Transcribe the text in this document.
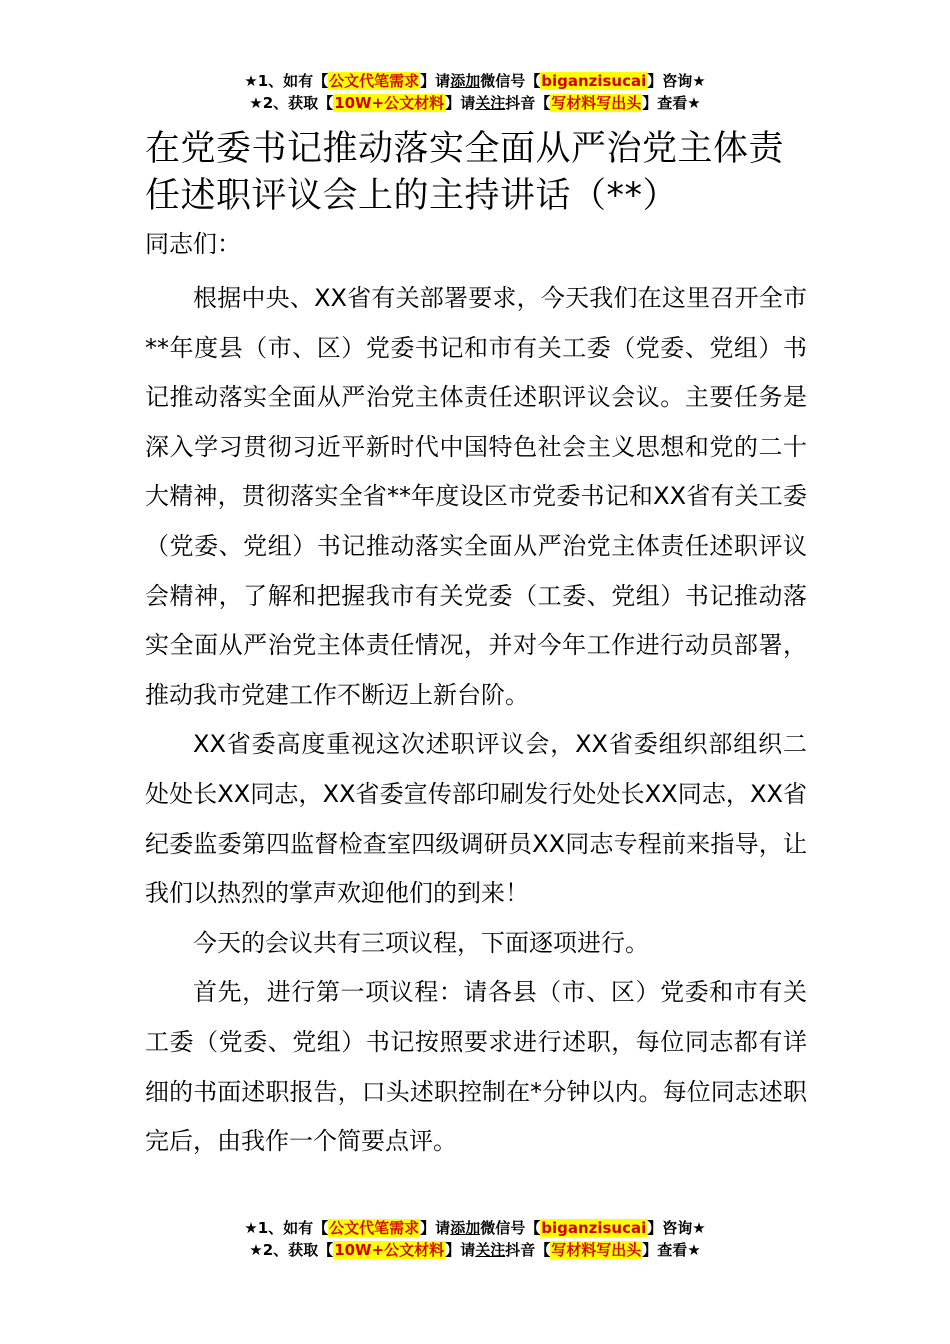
★1、如有【公文代笔需求】请添加微信号【biganzisucai】咨询★
★2、获取【10W+公文材料】请关注抖音【写材料写出头】查看★
在党委书记推动落实全面从严治党主体责任述职评议会上的主持讲话（**）

同志们：

根据中央、XX省有关部署要求，今天我们在这里召开全市**年度县（市、区）党委书记和市有关工委（党委、党组）书记推动落实全面从严治党主体责任述职评议会议。主要任务是深入学习贯彻习近平新时代中国特色社会主义思想和党的二十大精神，贯彻落实全省**年度设区市党委书记和XX省有关工委（党委、党组）书记推动落实全面从严治党主体责任述职评议会精神，了解和把握我市有关党委（工委、党组）书记推动落实全面从严治党主体责任情况，并对今年工作进行动员部署，推动我市党建工作不断迈上新台阶。

XX省委高度重视这次述职评议会，XX省委组织部组织二处处长XX同志，XX省委宣传部印刷发行处处长XX同志，XX省纪委监委第四监督检查室四级调研员XX同志专程前来指导，让我们以热烈的掌声欢迎他们的到来！

今天的会议共有三项议程，下面逐项进行。

首先，进行第一项议程：请各县（市、区）党委和市有关工委（党委、党组）书记按照要求进行述职，每位同志都有详细的书面述职报告，口头述职控制在*分钟以内。每位同志述职完后，由我作一个简要点评。

★1、如有【公文代笔需求】请添加微信号【biganzisucai】咨询★
★2、获取【10W+公文材料】请关注抖音【写材料写出头】查看★
